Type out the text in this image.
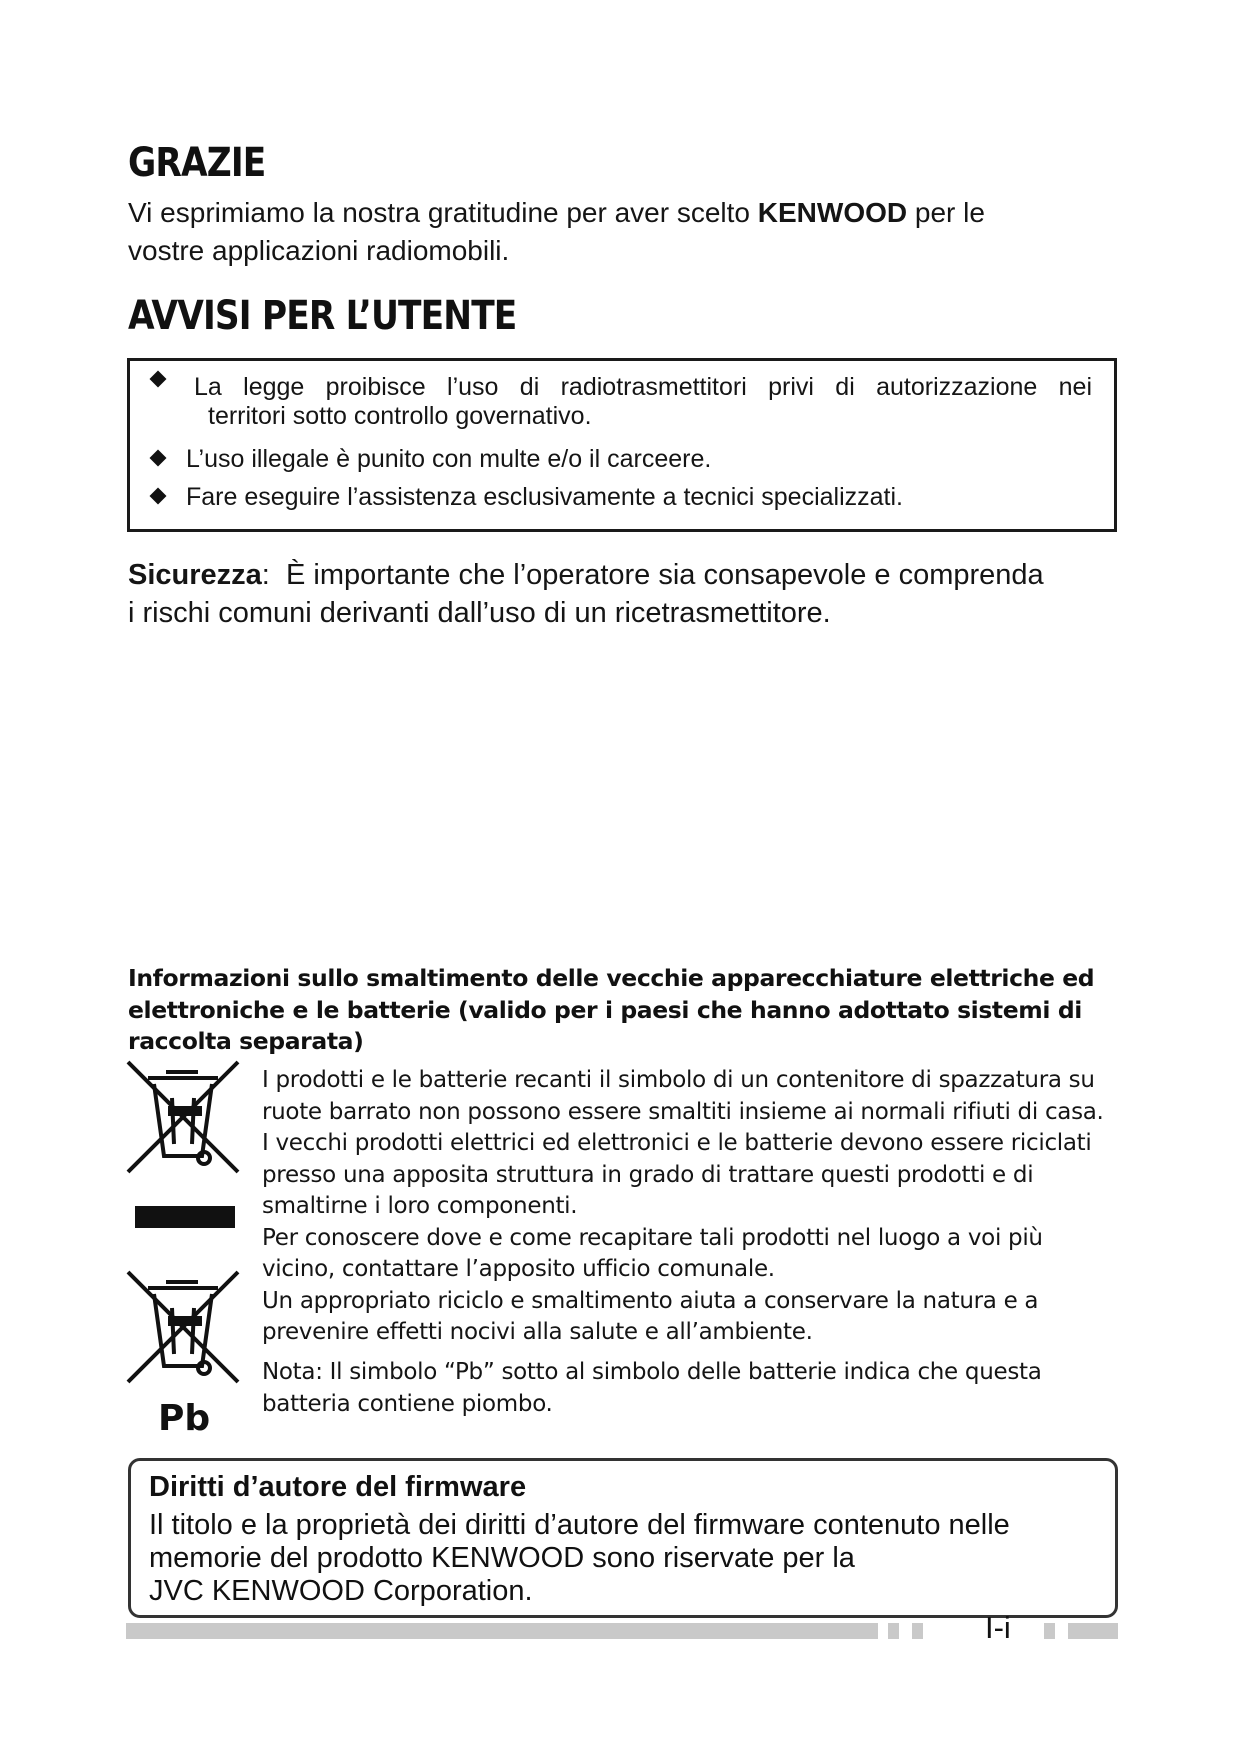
GRAZIE
Vi esprimiamo la nostra gratitudine per aver scelto KENWOOD per le
vostre applicazioni radiomobili.
AVVISI PER L’UTENTE
La legge proibisce l’uso di radiotrasmettitori privi di autorizzazione nei
territori sotto controllo governativo.
L’uso illegale è punito con multe e/o il carceere.
Fare eseguire l’assistenza esclusivamente a tecnici specializzati.
Sicurezza: È importante che l’operatore sia consapevole e comprenda
i rischi comuni derivanti dall’uso di un ricetrasmettitore.
Informazioni sullo smaltimento delle vecchie apparecchiature elettriche ed
elettroniche e le batterie (valido per i paesi che hanno adottato sistemi di
raccolta separata)
Pb
I prodotti e le batterie recanti il simbolo di un contenitore di spazzatura su
ruote barrato non possono essere smaltiti insieme ai normali rifiuti di casa.
I vecchi prodotti elettrici ed elettronici e le batterie devono essere riciclati
presso una apposita struttura in grado di trattare questi prodotti e di
smaltirne i loro componenti.
Per conoscere dove e come recapitare tali prodotti nel luogo a voi più
vicino, contattare l’apposito ufficio comunale.
Un appropriato riciclo e smaltimento aiuta a conservare la natura e a
prevenire effetti nocivi alla salute e all’ambiente.
Nota: Il simbolo “Pb” sotto al simbolo delle batterie indica che questa
batteria contiene piombo.
Diritti d’autore del firmware
Il titolo e la proprietà dei diritti d’autore del firmware contenuto nelle
memorie del prodotto KENWOOD sono riservate per la
JVC KENWOOD Corporation.
I-i
